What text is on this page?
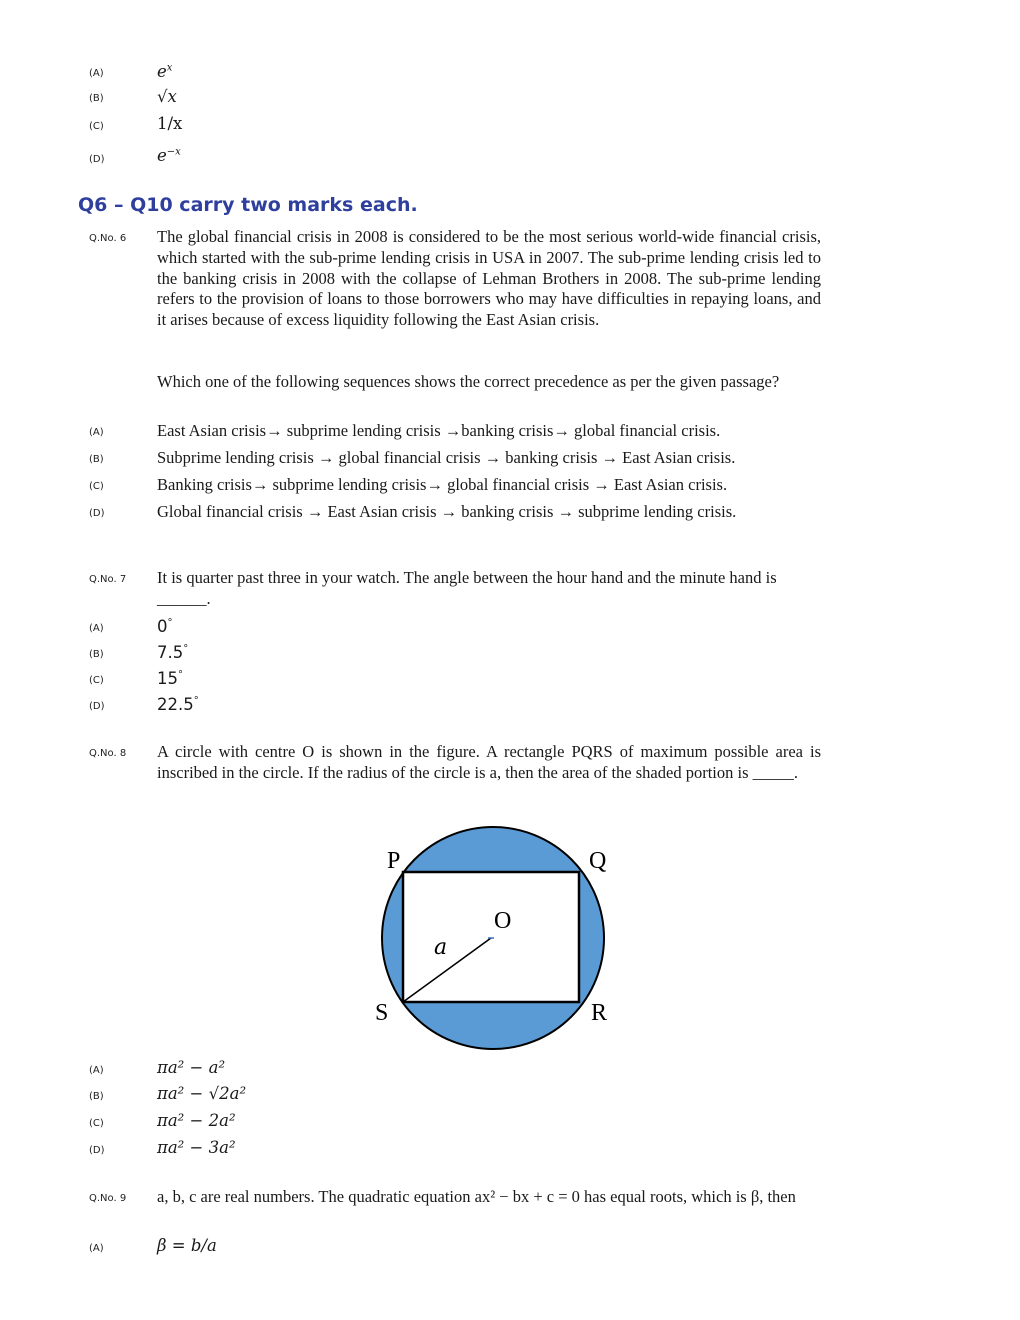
(A)	$e^x$
(B)	√x
(C)	1/x
(D)	$e^{-x}$
Q6 – Q10 carry two marks each.
Q.No. 6 The global financial crisis in 2008 is considered to be the most serious world-wide financial crisis, which started with the sub-prime lending crisis in USA in 2007. The sub-prime lending crisis led to the banking crisis in 2008 with the collapse of Lehman Brothers in 2008. The sub-prime lending refers to the provision of loans to those borrowers who may have difficulties in repaying loans, and it arises because of excess liquidity following the East Asian crisis.
Which one of the following sequences shows the correct precedence as per the given passage?
(A)	East Asian crisis→ subprime lending crisis →banking crisis→ global financial crisis.
(B)	Subprime lending crisis → global financial crisis → banking crisis → East Asian crisis.
(C)	Banking crisis→ subprime lending crisis→ global financial crisis → East Asian crisis.
(D)	Global financial crisis → East Asian crisis → banking crisis → subprime lending crisis.
Q.No. 7 It is quarter past three in your watch. The angle between the hour hand and the minute hand is ______.
(A)	0°
(B)	7.5°
(C)	15°
(D)	22.5°
Q.No. 8 A circle with centre O is shown in the figure. A rectangle PQRS of maximum possible area is inscribed in the circle. If the radius of the circle is a, then the area of the shaded portion is _____.
P	Q
R
S
O
a
(A)	πa² − a²
(B)	πa² − √2a²
(C)	πa² − 2a²
(D)	πa² − 3a²
Q.No. 9 a, b, c are real numbers. The quadratic equation ax² − bx + c = 0 has equal roots, which is β, then
(A)	β = b/a
